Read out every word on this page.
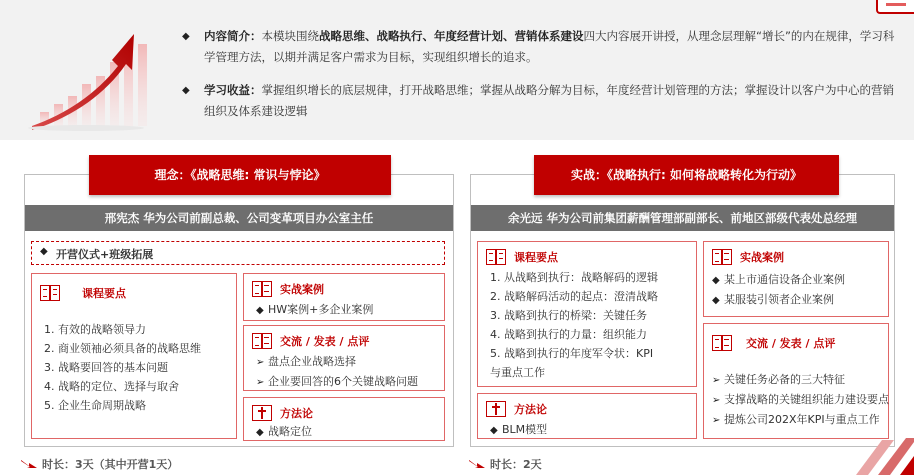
◆ 内容简介：本模块围绕战略思维、战略执行、年度经营计划、营销体系建设四大内容展开讲授，从理念层理解“增长”的内在规律，学习科学管理方法，以期并满足客户需求为目标，实现组织增长的追求。
◆ 学习收益：掌握组织增长的底层规律，打开战略思维；掌握从战略分解为目标，年度经营计划管理的方法；掌握设计以客户为中心的营销组织及体系建设逻辑
邢宪杰 华为公司前副总裁、公司变革项目办公室主任
◆ 开营仪式+班级拓展
课程要点
1. 有效的战略领导力
2. 商业领袖必须具备的战略思维
3. 战略要回答的基本问题
4. 战略的定位、选择与取舍
5. 企业生命周期战略
实战案例
◆ HW案例+多企业案例
交流 / 发表 / 点评
➢ 盘点企业战略选择
➢ 企业要回答的6个关键战略问题
方法论
◆ 战略定位
理念：《战略思维: 常识与悖论》
余光远 华为公司前集团薪酬管理部副部长、前地区部级代表处总经理
课程要点
1. 从战略到执行：战略解码的逻辑
2. 战略解码活动的起点：澄清战略
3. 战略到执行的桥梁：关键任务
4. 战略到执行的力量：组织能力
5. 战略到执行的年度军令状：KPI
与重点工作
方法论
◆ BLM模型
实战案例
◆ 某上市通信设备企业案例
◆ 某服装引领者企业案例
交流 / 发表 / 点评
➢ 关键任务必备的三大特征
➢ 支撑战略的关键组织能力建设要点
➢ 提炼公司202X年KPI与重点工作
实战：《战略执行: 如何将战略转化为行动》
时长：3天（其中开营1天）	时长：2天
